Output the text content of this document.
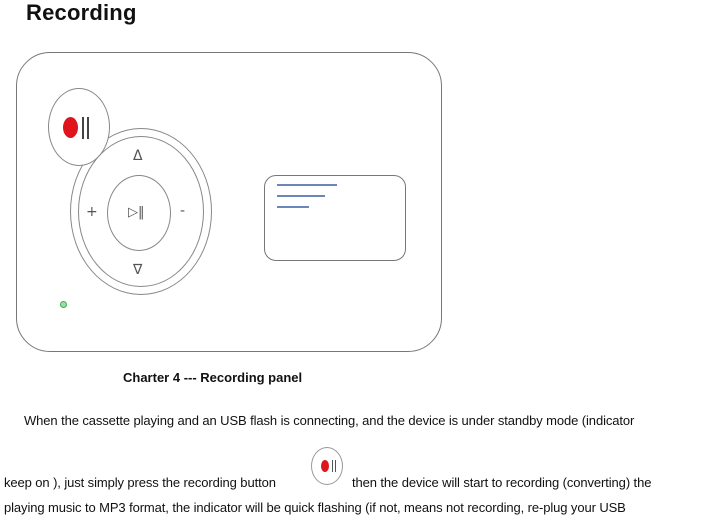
Recording
▷‖
Δ
∇
+	-
Charter 4 --- Recording panel
When the cassette playing and an USB flash is connecting, and the device is under standby mode (indicator
keep on ), just simply press the recording button	then the device will start to recording (converting) the
playing music to MP3 format, the indicator will be quick flashing (if not, means not recording, re-plug your USB
